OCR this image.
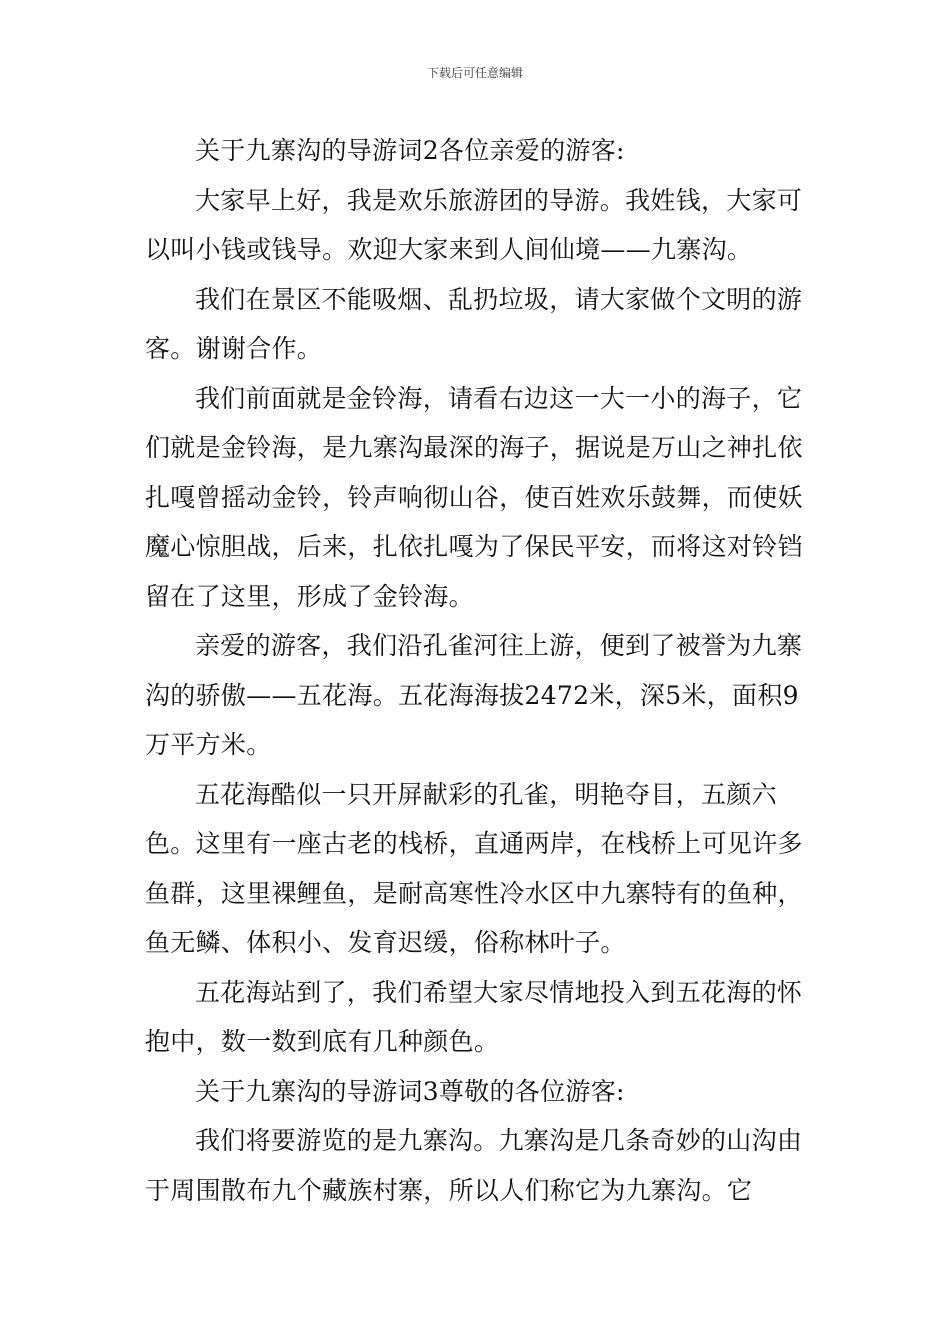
下载后可任意编辑

关于九寨沟的导游词2各位亲爱的游客:

大家早上好，我是欢乐旅游团的导游。我姓钱，大家可以叫小钱或钱导。欢迎大家来到人间仙境——九寨沟。

我们在景区不能吸烟、乱扔垃圾，请大家做个文明的游客。谢谢合作。

我们前面就是金铃海，请看右边这一大一小的海子，它们就是金铃海，是九寨沟最深的海子，据说是万山之神扎依扎嘎曾摇动金铃，铃声响彻山谷，使百姓欢乐鼓舞，而使妖魔心惊胆战，后来，扎依扎嘎为了保民平安，而将这对铃铛留在了这里，形成了金铃海。

亲爱的游客，我们沿孔雀河往上游，便到了被誉为九寨沟的骄傲——五花海。五花海海拔2472米，深5米，面积9万平方米。

五花海酷似一只开屏献彩的孔雀，明艳夺目，五颜六色。这里有一座古老的栈桥，直通两岸，在栈桥上可见许多鱼群，这里裸鲤鱼，是耐高寒性冷水区中九寨特有的鱼种，鱼无鳞、体积小、发育迟缓，俗称林叶子。

五花海站到了，我们希望大家尽情地投入到五花海的怀抱中，数一数到底有几种颜色。

关于九寨沟的导游词3尊敬的各位游客:

我们将要游览的是九寨沟。九寨沟是几条奇妙的山沟由于周围散布九个藏族村寨，所以人们称它为九寨沟。它
